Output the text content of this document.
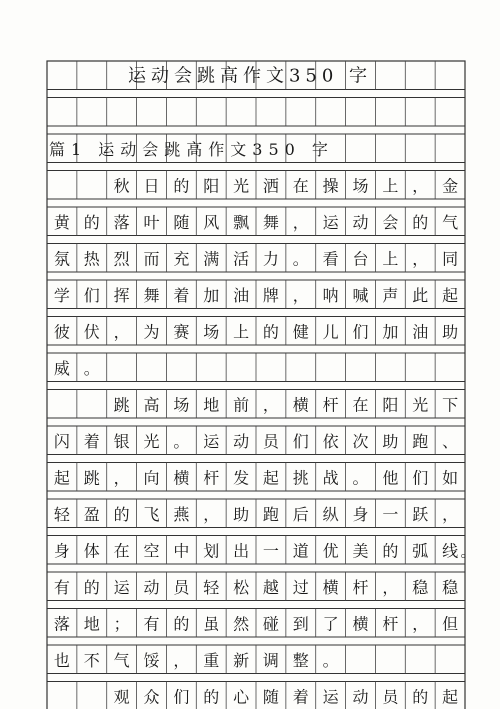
运动会跳高作文350 字
篇1 运动会跳高作文350 字
秋 日 的 阳 光 洒 在 操 场 上 ， 金
黄 的 落 叶 随 风 飘 舞 ， 运 动 会 的 气
氛 热 烈 而 充 满 活 力 。 看 台 上 ， 同
学 们 挥 舞 着 加 油 牌 ， 呐 喊 声 此 起
彼 伏 ， 为 赛 场 上 的 健 儿 们 加 油 助
威 。
跳 高 场 地 前 ， 横 杆 在 阳 光 下
闪 着 银 光 。 运 动 员 们 依 次 助 跑 、
起 跳 ， 向 横 杆 发 起 挑 战 。 他 们 如
轻 盈 的 飞 燕 ， 助 跑 后 纵 身 一 跃 ，
身 体 在 空 中 划 出 一 道 优 美 的 弧 线 。
有 的 运 动 员 轻 松 越 过 横 杆 ， 稳 稳
落 地 ； 有 的 虽 然 碰 到 了 横 杆 ， 但
也 不 气 馁 ， 重 新 调 整 。
观 众 们 的 心 随 着 运 动 员 的 起
